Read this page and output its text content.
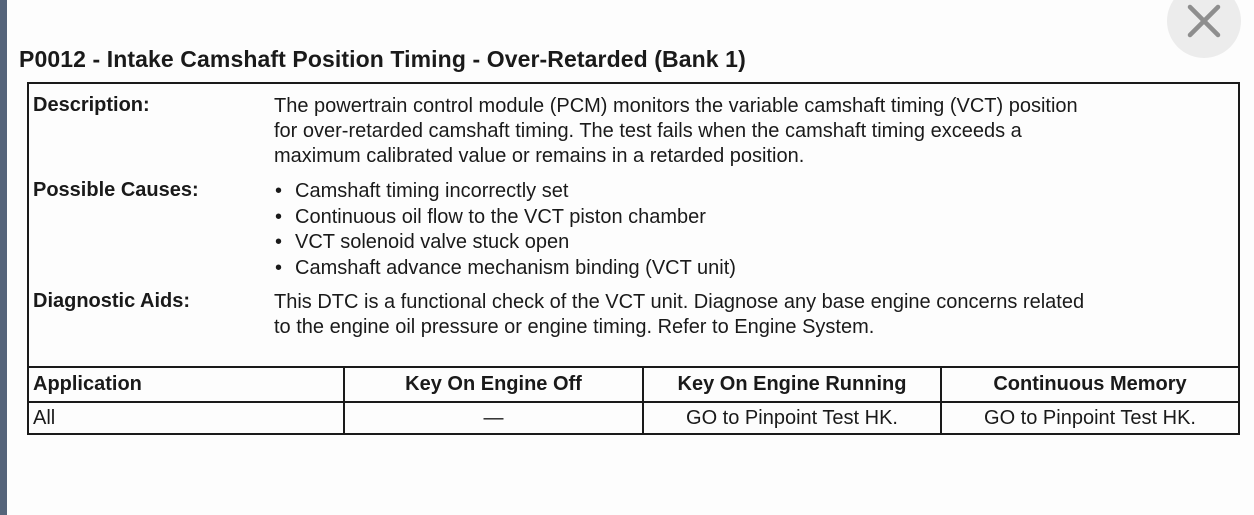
P0012 - Intake Camshaft Position Timing - Over-Retarded (Bank 1)
Description:	The powertrain control module (PCM) monitors the variable camshaft timing (VCT) position
for over-retarded camshaft timing. The test fails when the camshaft timing exceeds a
maximum calibrated value or remains in a retarded position.
Possible Causes:	• Camshaft timing incorrectly set
• Continuous oil flow to the VCT piston chamber
• VCT solenoid valve stuck open
• Camshaft advance mechanism binding (VCT unit)
Diagnostic Aids:	This DTC is a functional check of the VCT unit. Diagnose any base engine concerns related
to the engine oil pressure or engine timing. Refer to Engine System.
Application	Key On Engine Off	Key On Engine Running	Continuous Memory
All	—	GO to Pinpoint Test HK.	GO to Pinpoint Test HK.
